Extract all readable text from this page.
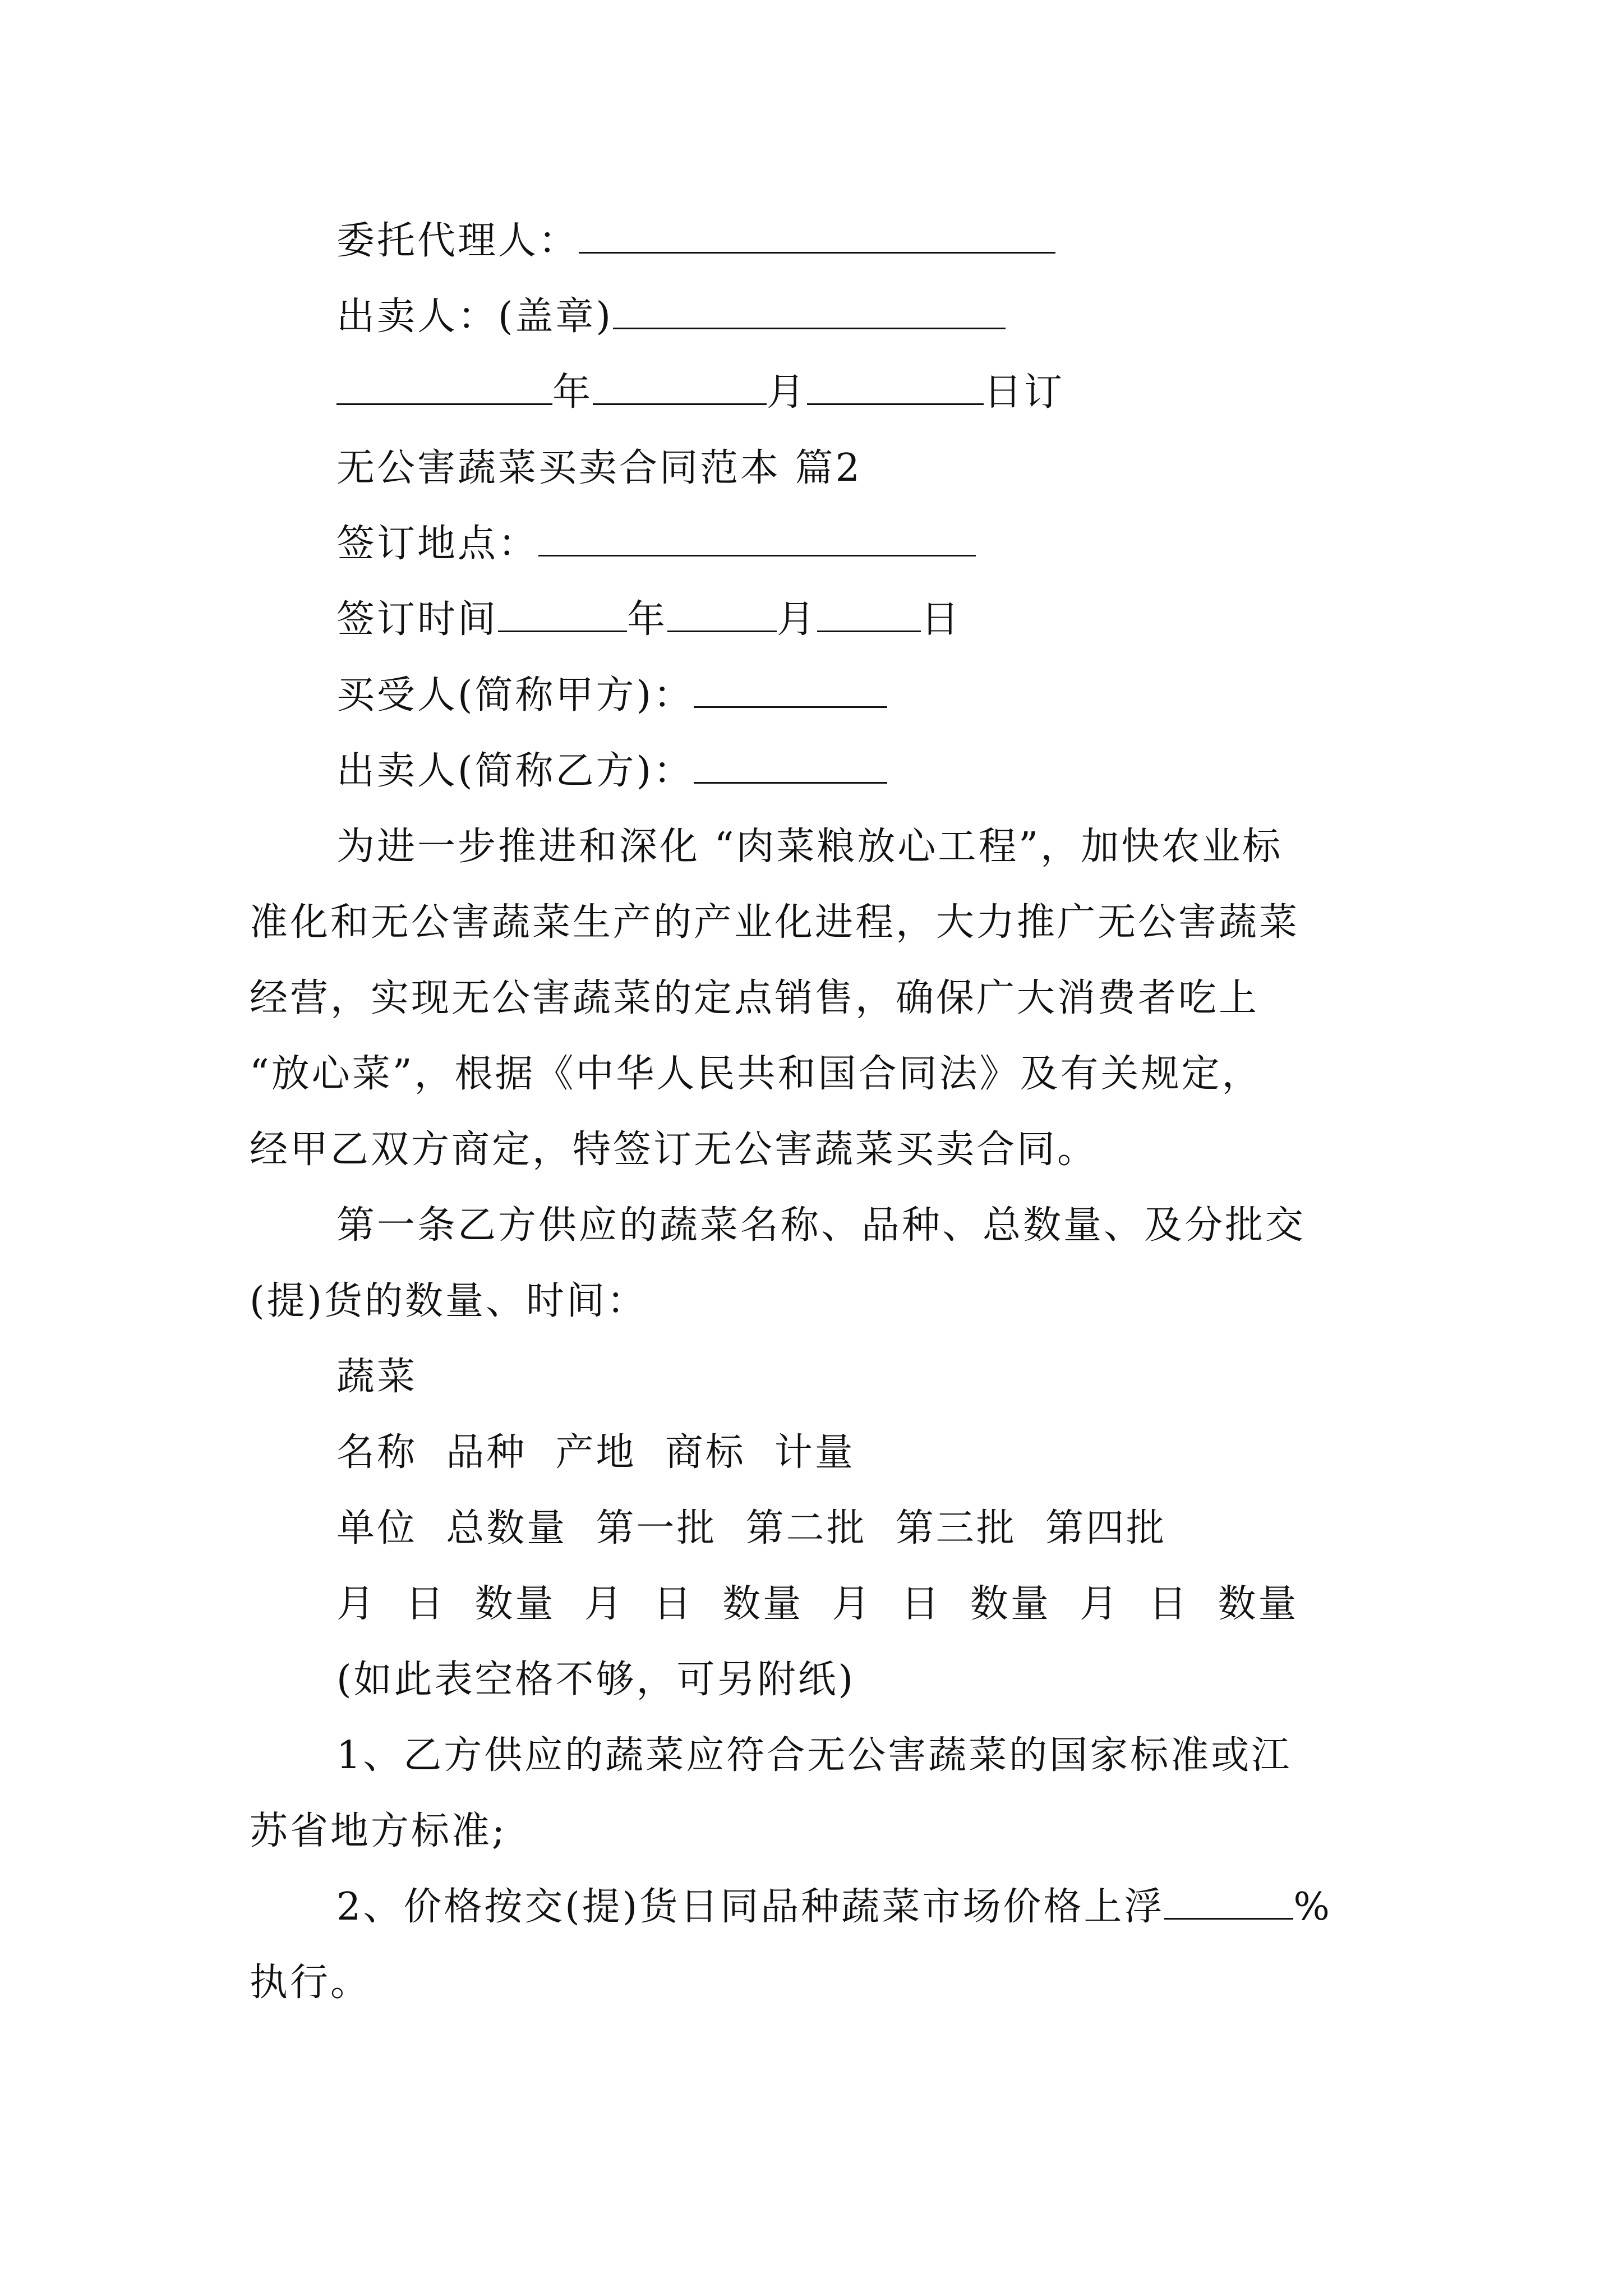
委托代理人：
出卖人：(盖章)
年	月	日订
无公害蔬菜买卖合同范本 篇2
签订地点：
签订时间	年	月	日
买受人(简称甲方)：
出卖人(简称乙方)：
为进一步推进和深化 “肉菜粮放心工程”，加快农业标
准化和无公害蔬菜生产的产业化进程，大力推广无公害蔬菜
经营，实现无公害蔬菜的定点销售，确保广大消费者吃上
“放心菜”，根据《中华人民共和国合同法》及有关规定，
经甲乙双方商定，特签订无公害蔬菜买卖合同。
第一条乙方供应的蔬菜名称、品种、总数量、及分批交
(提)货的数量、时间：
蔬菜
名称  品种  产地  商标  计量
单位  总数量  第一批  第二批  第三批  第四批
月  日  数量  月  日  数量  月  日  数量  月  日  数量
(如此表空格不够，可另附纸)
1、乙方供应的蔬菜应符合无公害蔬菜的国家标准或江
苏省地方标准;
2、价格按交(提)货日同品种蔬菜市场价格上浮	%
执行。
